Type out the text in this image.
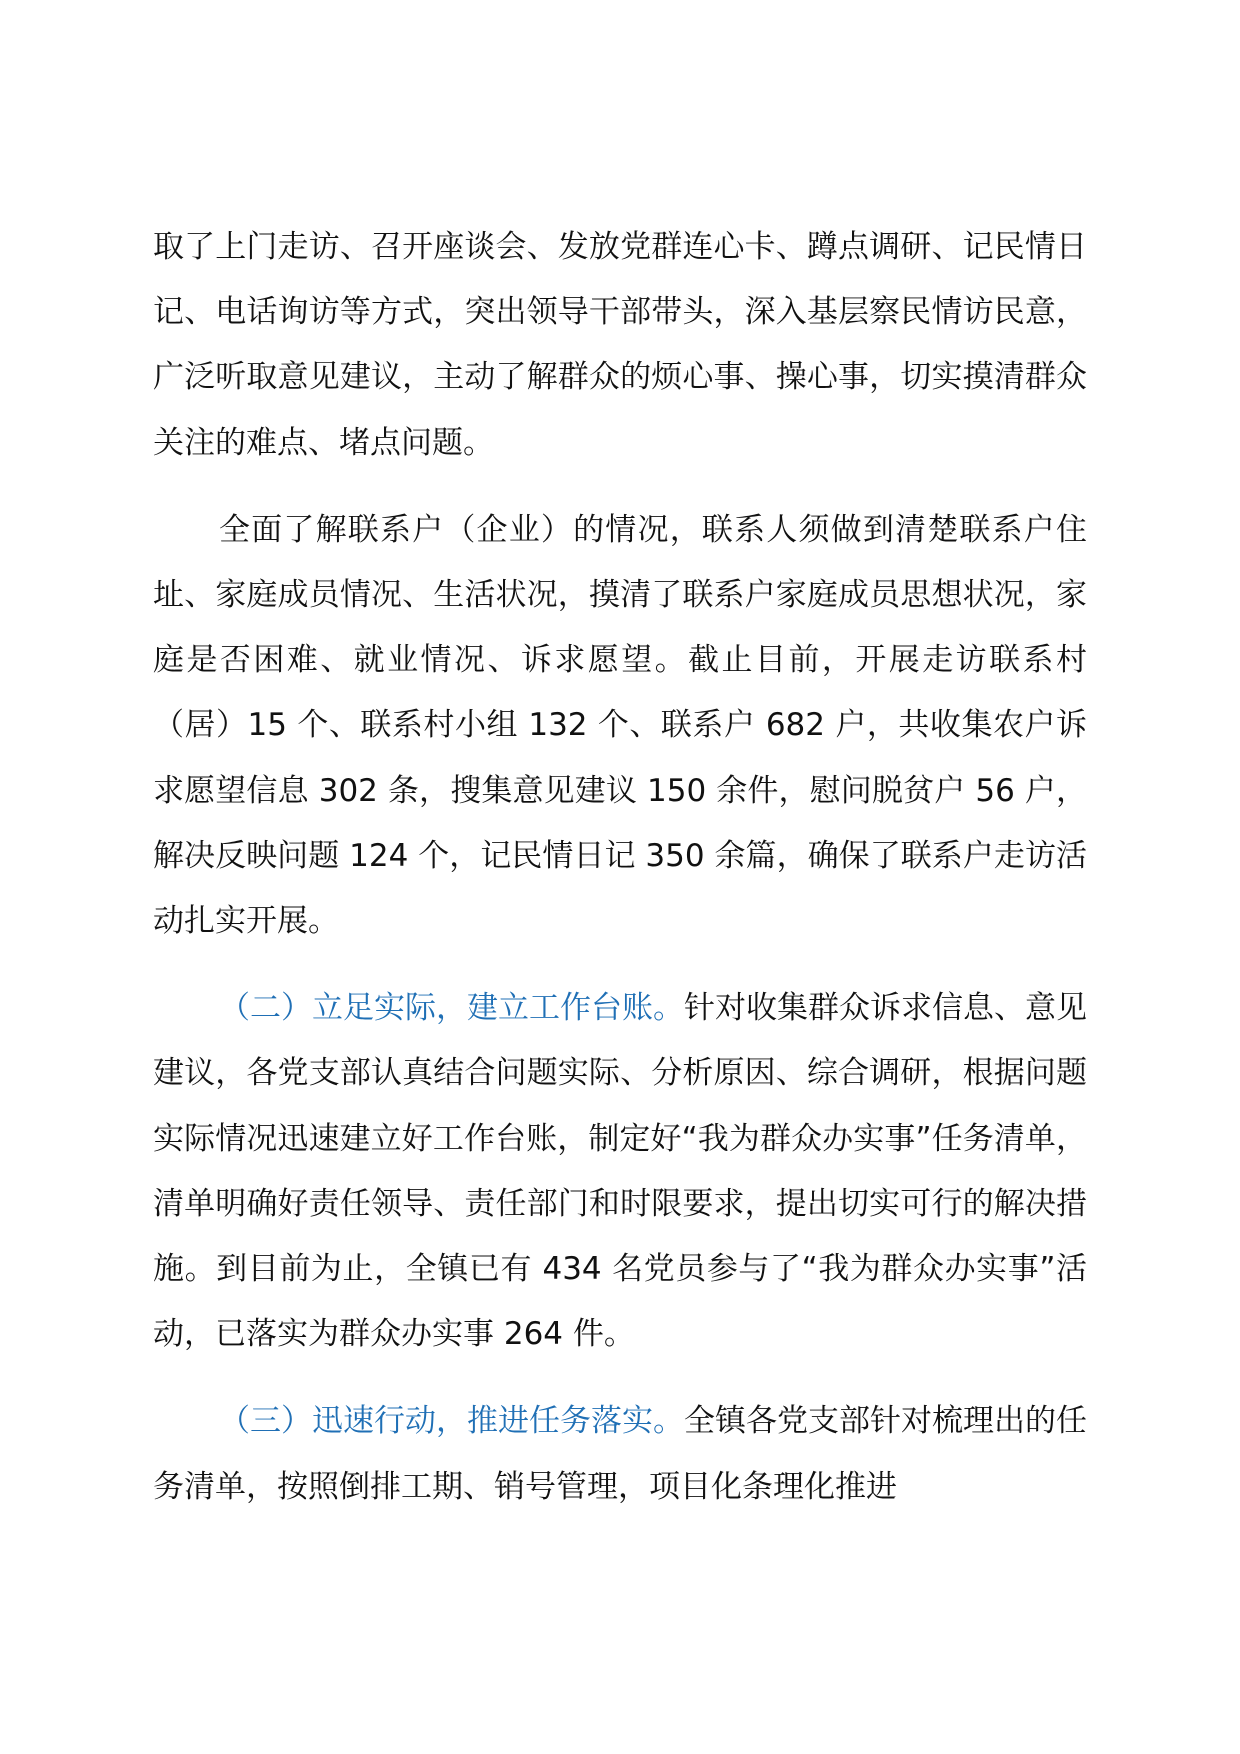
取了上门走访、召开座谈会、发放党群连心卡、蹲点调研、记民情日记、电话询访等方式，突出领导干部带头，深入基层察民情访民意，广泛听取意见建议，主动了解群众的烦心事、操心事，切实摸清群众关注的难点、堵点问题。

全面了解联系户（企业）的情况，联系人须做到清楚联系户住址、家庭成员情况、生活状况，摸清了联系户家庭成员思想状况，家庭是否困难、就业情况、诉求愿望。截止目前，开展走访联系村（居）15 个、联系村小组 132 个、联系户 682 户，共收集农户诉求愿望信息 302 条，搜集意见建议 150 余件，慰问脱贫户 56 户，解决反映问题 124 个，记民情日记 350 余篇，确保了联系户走访活动扎实开展。

（二）立足实际，建立工作台账。针对收集群众诉求信息、意见建议，各党支部认真结合问题实际、分析原因、综合调研，根据问题实际情况迅速建立好工作台账，制定好“我为群众办实事”任务清单，清单明确好责任领导、责任部门和时限要求，提出切实可行的解决措施。到目前为止，全镇已有 434 名党员参与了“我为群众办实事”活动，已落实为群众办实事 264 件。

（三）迅速行动，推进任务落实。全镇各党支部针对梳理出的任务清单，按照倒排工期、销号管理，项目化条理化推进
